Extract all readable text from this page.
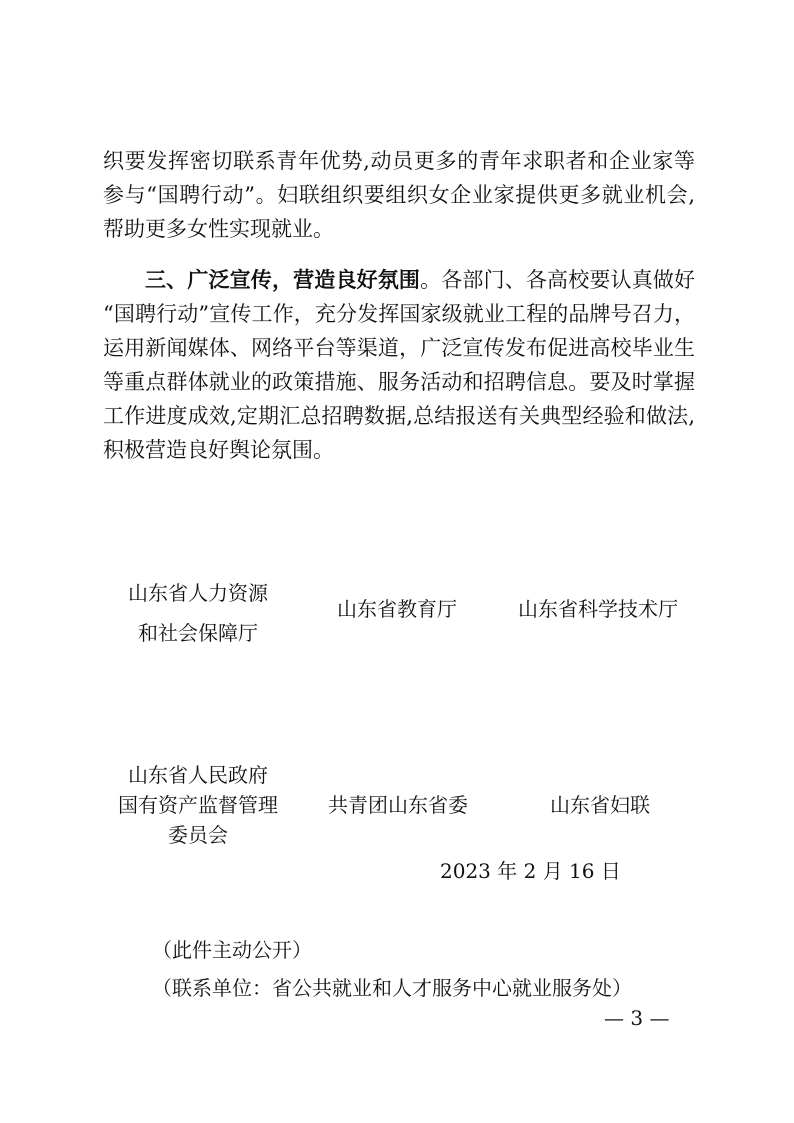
织要发挥密切联系青年优势,动员更多的青年求职者和企业家等
参与“国聘行动”。妇联组织要组织女企业家提供更多就业机会,
帮助更多女性实现就业。
三、广泛宣传，营造良好氛围。各部门、各高校要认真做好
“国聘行动”宣传工作，充分发挥国家级就业工程的品牌号召力，
运用新闻媒体、网络平台等渠道，广泛宣传发布促进高校毕业生
等重点群体就业的政策措施、服务活动和招聘信息。要及时掌握
工作进度成效,定期汇总招聘数据,总结报送有关典型经验和做法,
积极营造良好舆论氛围。
山东省人力资源
和社会保障厅
山东省教育厅	山东省科学技术厅
山东省人民政府
国有资产监督管理
委员会
共青团山东省委	山东省妇联
2023 年 2 月 16 日
（此件主动公开）
（联系单位：省公共就业和人才服务中心就业服务处）
— 3 —
